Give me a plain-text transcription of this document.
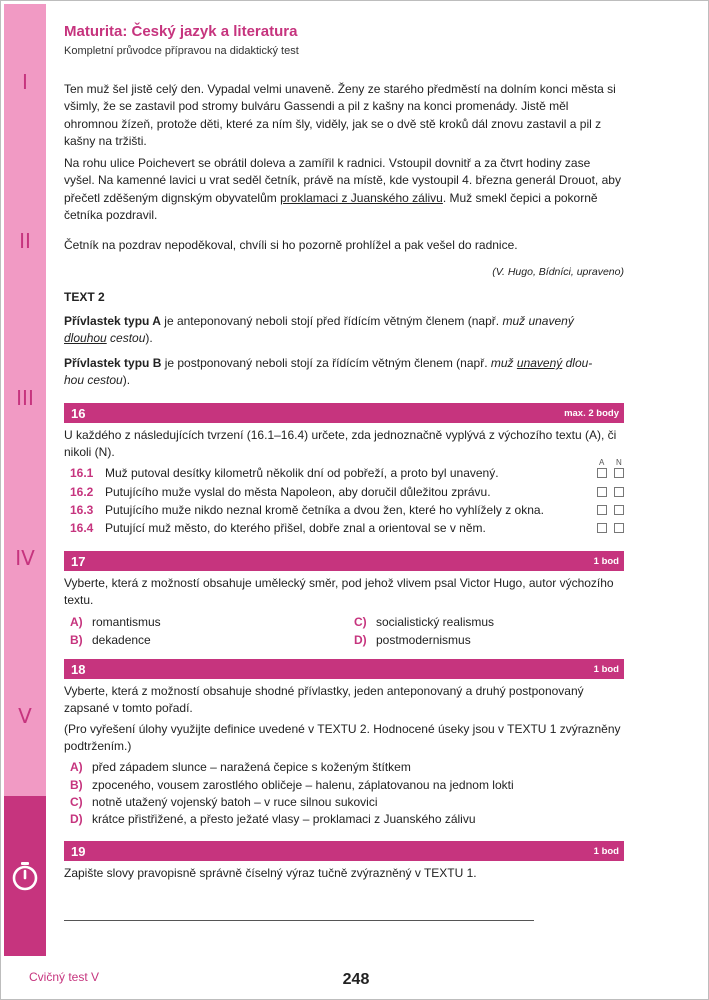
I
II
III
IV
V
Maturita: Český jazyk a literatura
Kompletní průvodce přípravou na didaktický test
Ten muž šel jistě celý den. Vypadal velmi unaveně. Ženy ze starého předměstí na dolním konci města si všimly, že se zastavil pod stromy bulváru Gassendi a pil z kašny na konci promenády. Jistě měl ohromnou žízeň, protože děti, které za ním šly, viděly, jak se o dvě stě kroků dál znovu zastavil a pil z kašny na tržišti.
Na rohu ulice Poichevert se obrátil doleva a zamířil k radnici. Vstoupil dovnitř a za čtvrt hodiny zase vyšel. Na kamenné lavici u vrat seděl četník, právě na místě, kde vystoupil 4. března generál Drouot, aby přečetl zděšeným dignským obyvatelům proklamaci z Juanského zálivu. Muž smekl čepici a pokorně četníka pozdravil.
Četník na pozdrav nepoděkoval, chvíli si ho pozorně prohlížel a pak vešel do radnice.
(V. Hugo, Bídníci, upraveno)
TEXT 2
Přívlastek typu A je anteponovaný neboli stojí před řídícím větným členem (např. muž unavený
dlouhou cestou).
Přívlastek typu B je postponovaný neboli stojí za řídícím větným členem (např. muž unavený dlou-
hou cestou).
16	max. 2 body
U každého z následujících tvrzení (16.1–16.4) určete, zda jednoznačně vyplývá z výchozího textu (A), či nikoli (N).
A N
16.1 Muž putoval desítky kilometrů několik dní od pobřeží, a proto byl unavený.
16.2 Putujícího muže vyslal do města Napoleon, aby doručil důležitou zprávu.
16.3 Putujícího muže nikdo neznal kromě četníka a dvou žen, které ho vyhlížely z okna.
16.4 Putující muž město, do kterého přišel, dobře znal a orientoval se v něm.
17	1 bod
Vyberte, která z možností obsahuje umělecký směr, pod jehož vlivem psal Victor Hugo, autor výchozího textu.
A) romantismus
B) dekadence
C) socialistický realismus
D) postmodernismus
18	1 bod
Vyberte, která z možností obsahuje shodné přívlastky, jeden anteponovaný a druhý postponovaný zapsané v tomto pořadí.
(Pro vyřešení úlohy využijte definice uvedené v TEXTU 2. Hodnocené úseky jsou v TEXTU 1 zvýrazněny podtržením.)
A) před západem slunce – naražená čepice s koženým štítkem
B) zpoceného, vousem zarostlého obličeje – halenu, záplatovanou na jednom lokti
C) notně utažený vojenský batoh – v ruce silnou sukovici
D) krátce přistřižené, a přesto ježaté vlasy – proklamaci z Juanského zálivu
19	1 bod
Zapište slovy pravopisně správně číselný výraz tučně zvýrazněný v TEXTU 1.
Cvičný test V	248
